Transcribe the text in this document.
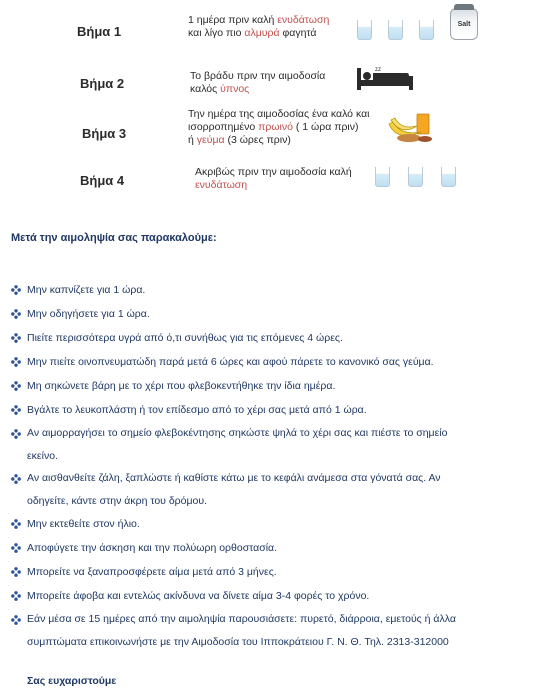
Βήμα 1
1 ημέρα πριν καλή ενυδάτωση
και λίγο πιο αλμυρά φαγητά
Salt
Βήμα 2	Το βράδυ πριν την αιμοδοσία
καλός ύπνος
zz
Βήμα 3
Την ημέρα της αιμοδοσίας ένα καλό και
ισορροπημένο πρωινό ( 1 ώρα πριν)
ή γεύμα (3 ώρες πριν)
Βήμα 4
Ακριβώς πριν την αιμοδοσία καλή
ενυδάτωση
Μετά την αιμοληψία σας παρακαλούμε:
Μην καπνίζετε για 1 ώρα.
Μην οδηγήσετε για 1 ώρα.
Πιείτε περισσότερα υγρά από ό,τι συνήθως για τις επόμενες 4 ώρες.
Μην πιείτε οινοπνευματώδη παρά μετά 6 ώρες και αφού πάρετε το κανονικό σας γεύμα.
Μη σηκώνετε βάρη με το χέρι που φλεβοκεντήθηκε την ίδια ημέρα.
Βγάλτε το λευκοπλάστη ή τον επίδεσμο από το χέρι σας μετά από 1 ώρα.
Αν αιμορραγήσει το σημείο φλεβοκέντησης σηκώστε ψηλά το χέρι σας και πιέστε το σημείο
εκείνο.
Αν αισθανθείτε ζάλη, ξαπλώστε ή καθίστε κάτω με το κεφάλι ανάμεσα στα γόνατά σας. Αν
οδηγείτε, κάντε στην άκρη του δρόμου.
Μην εκτεθείτε στον ήλιο.
Αποφύγετε την άσκηση και την πολύωρη ορθοστασία.
Μπορείτε να ξαναπροσφέρετε αίμα μετά από 3 μήνες.
Μπορείτε άφοβα και εντελώς ακίνδυνα να δίνετε αίμα 3-4 φορές το χρόνο.
Εάν μέσα σε 15 ημέρες από την αιμοληψία παρουσιάσετε: πυρετό, διάρροια, εμετούς ή άλλα
συμπτώματα επικοινωνήστε με την Αιμοδοσία του Ιπποκράτειου Γ. Ν. Θ. Τηλ. 2313-312000
Σας ευχαριστούμε
